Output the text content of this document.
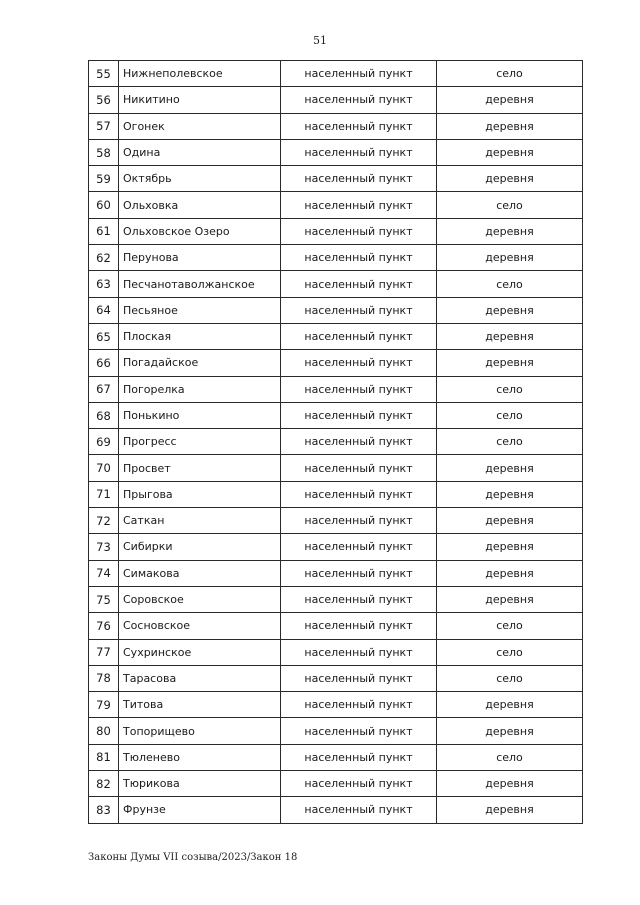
51
55	Нижнеполевское	населенный пункт	село
56	Никитино	населенный пункт	деревня
57	Огонек	населенный пункт	деревня
58	Одина	населенный пункт	деревня
59	Октябрь	населенный пункт	деревня
60	Ольховка	населенный пункт	село
61	Ольховское Озеро	населенный пункт	деревня
62	Перунова	населенный пункт	деревня
63	Песчанотаволжанское	населенный пункт	село
64	Песьяное	населенный пункт	деревня
65	Плоская	населенный пункт	деревня
66	Погадайское	населенный пункт	деревня
67	Погорелка	населенный пункт	село
68	Понькино	населенный пункт	село
69	Прогресс	населенный пункт	село
70	Просвет	населенный пункт	деревня
71	Прыгова	населенный пункт	деревня
72	Саткан	населенный пункт	деревня
73	Сибирки	населенный пункт	деревня
74	Симакова	населенный пункт	деревня
75	Соровское	населенный пункт	деревня
76	Сосновское	населенный пункт	село
77	Сухринское	населенный пункт	село
78	Тарасова	населенный пункт	село
79	Титова	населенный пункт	деревня
80	Топорищево	населенный пункт	деревня
81	Тюленево	населенный пункт	село
82	Тюрикова	населенный пункт	деревня
83	Фрунзе	населенный пункт	деревня
Законы Думы VII созыва/2023/Закон 18
